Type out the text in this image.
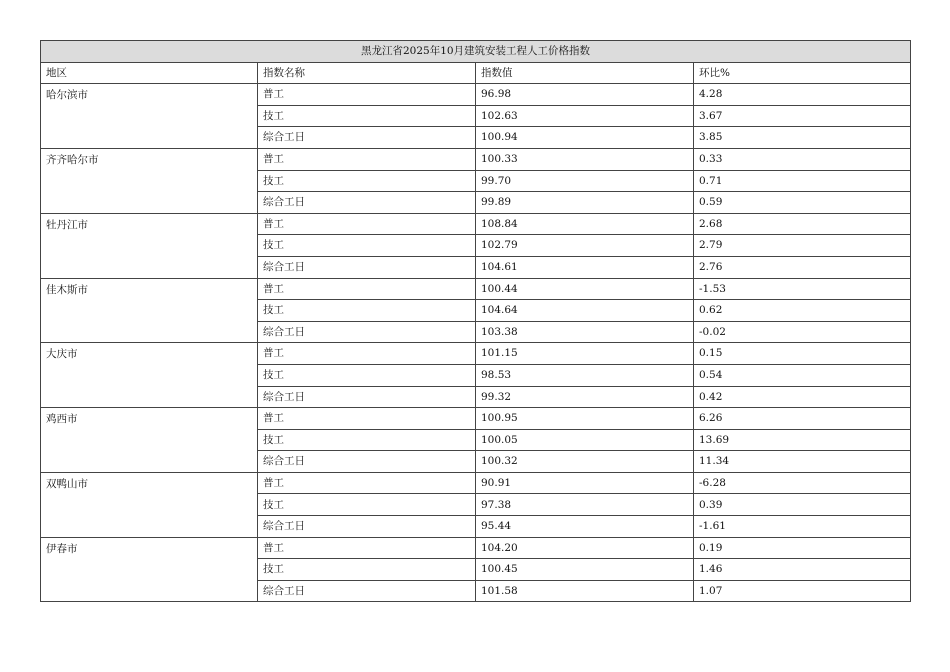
黑龙江省2025年10月建筑安装工程人工价格指数			
地区	指数名称	指数值	环比%
哈尔滨市	普工	96.98	4.28
	技工	102.63	3.67
	综合工日	100.94	3.85
齐齐哈尔市	普工	100.33	0.33
	技工	99.70	0.71
	综合工日	99.89	0.59
牡丹江市	普工	108.84	2.68
	技工	102.79	2.79
	综合工日	104.61	2.76
佳木斯市	普工	100.44	-1.53
	技工	104.64	0.62
	综合工日	103.38	-0.02
大庆市	普工	101.15	0.15
	技工	98.53	0.54
	综合工日	99.32	0.42
鸡西市	普工	100.95	6.26
	技工	100.05	13.69
	综合工日	100.32	11.34
双鸭山市	普工	90.91	-6.28
	技工	97.38	0.39
	综合工日	95.44	-1.61
伊春市	普工	104.20	0.19
	技工	100.45	1.46
	综合工日	101.58	1.07
